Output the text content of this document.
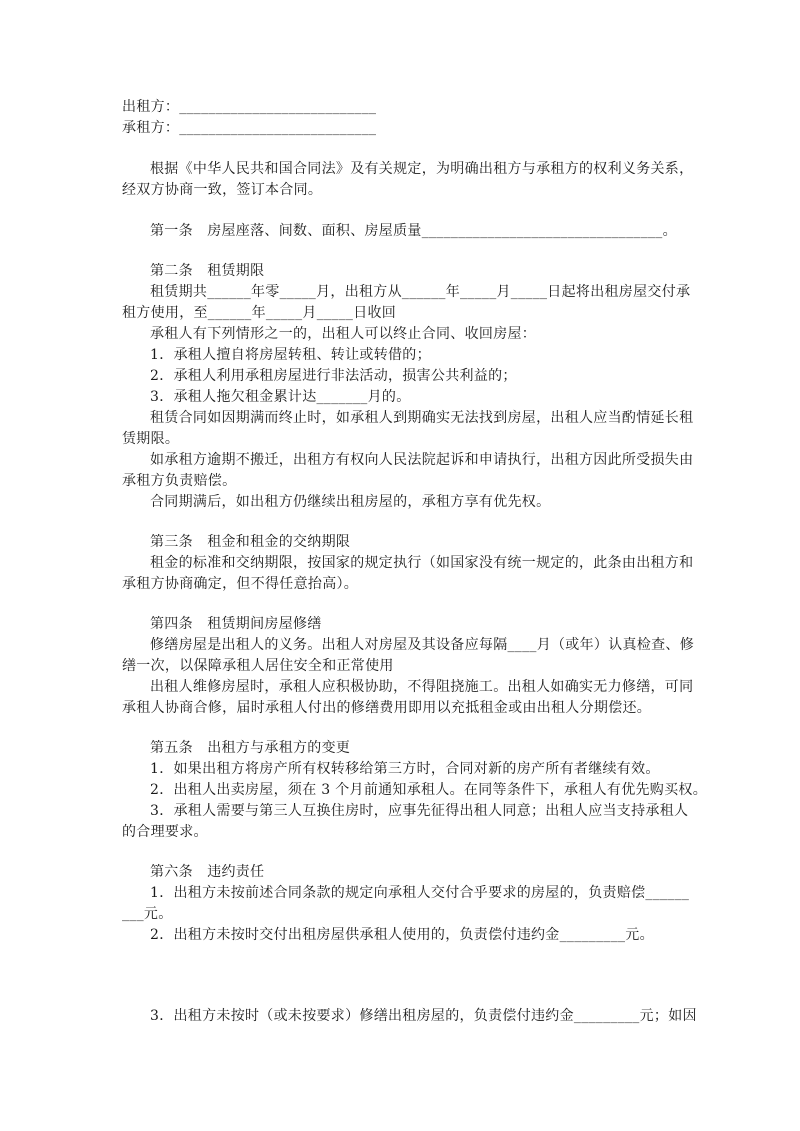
出租方：___________________________
承租方：___________________________
根据《中华人民共和国合同法》及有关规定，为明确出租方与承租方的权利义务关系，
经双方协商一致，签订本合同。
第一条　房屋座落、间数、面积、房屋质量_________________________________。
第二条　租赁期限
租赁期共______年零_____月，出租方从______年_____月_____日起将出租房屋交付承
租方使用，至______年_____月_____日收回
承租人有下列情形之一的，出租人可以终止合同、收回房屋：
1．承租人擅自将房屋转租、转让或转借的；
2．承租人利用承租房屋进行非法活动，损害公共利益的；
3．承租人拖欠租金累计达_______月的。
租赁合同如因期满而终止时，如承租人到期确实无法找到房屋，出租人应当酌情延长租
赁期限。
如承租方逾期不搬迁，出租方有权向人民法院起诉和申请执行，出租方因此所受损失由
承租方负责赔偿。
合同期满后，如出租方仍继续出租房屋的，承租方享有优先权。
第三条　租金和租金的交纳期限
租金的标准和交纳期限，按国家的规定执行（如国家没有统一规定的，此条由出租方和
承租方协商确定，但不得任意抬高）。
第四条　租赁期间房屋修缮
修缮房屋是出租人的义务。出租人对房屋及其设备应每隔____月（或年）认真检查、修
缮一次，以保障承租人居住安全和正常使用
出租人维修房屋时，承租人应积极协助，不得阻挠施工。出租人如确实无力修缮，可同
承租人协商合修，届时承租人付出的修缮费用即用以充抵租金或由出租人分期偿还。
第五条　出租方与承租方的变更
1．如果出租方将房产所有权转移给第三方时，合同对新的房产所有者继续有效。
2．出租人出卖房屋，须在 3 个月前通知承租人。在同等条件下，承租人有优先购买权。
3．承租人需要与第三人互换住房时，应事先征得出租人同意；出租人应当支持承租人
的合理要求。
第六条　违约责任
1．出租方未按前述合同条款的规定向承租人交付合乎要求的房屋的，负责赔偿______
___元。
2．出租方未按时交付出租房屋供承租人使用的，负责偿付违约金_________元。
3．出租方未按时（或未按要求）修缮出租房屋的，负责偿付违约金_________元；如因
